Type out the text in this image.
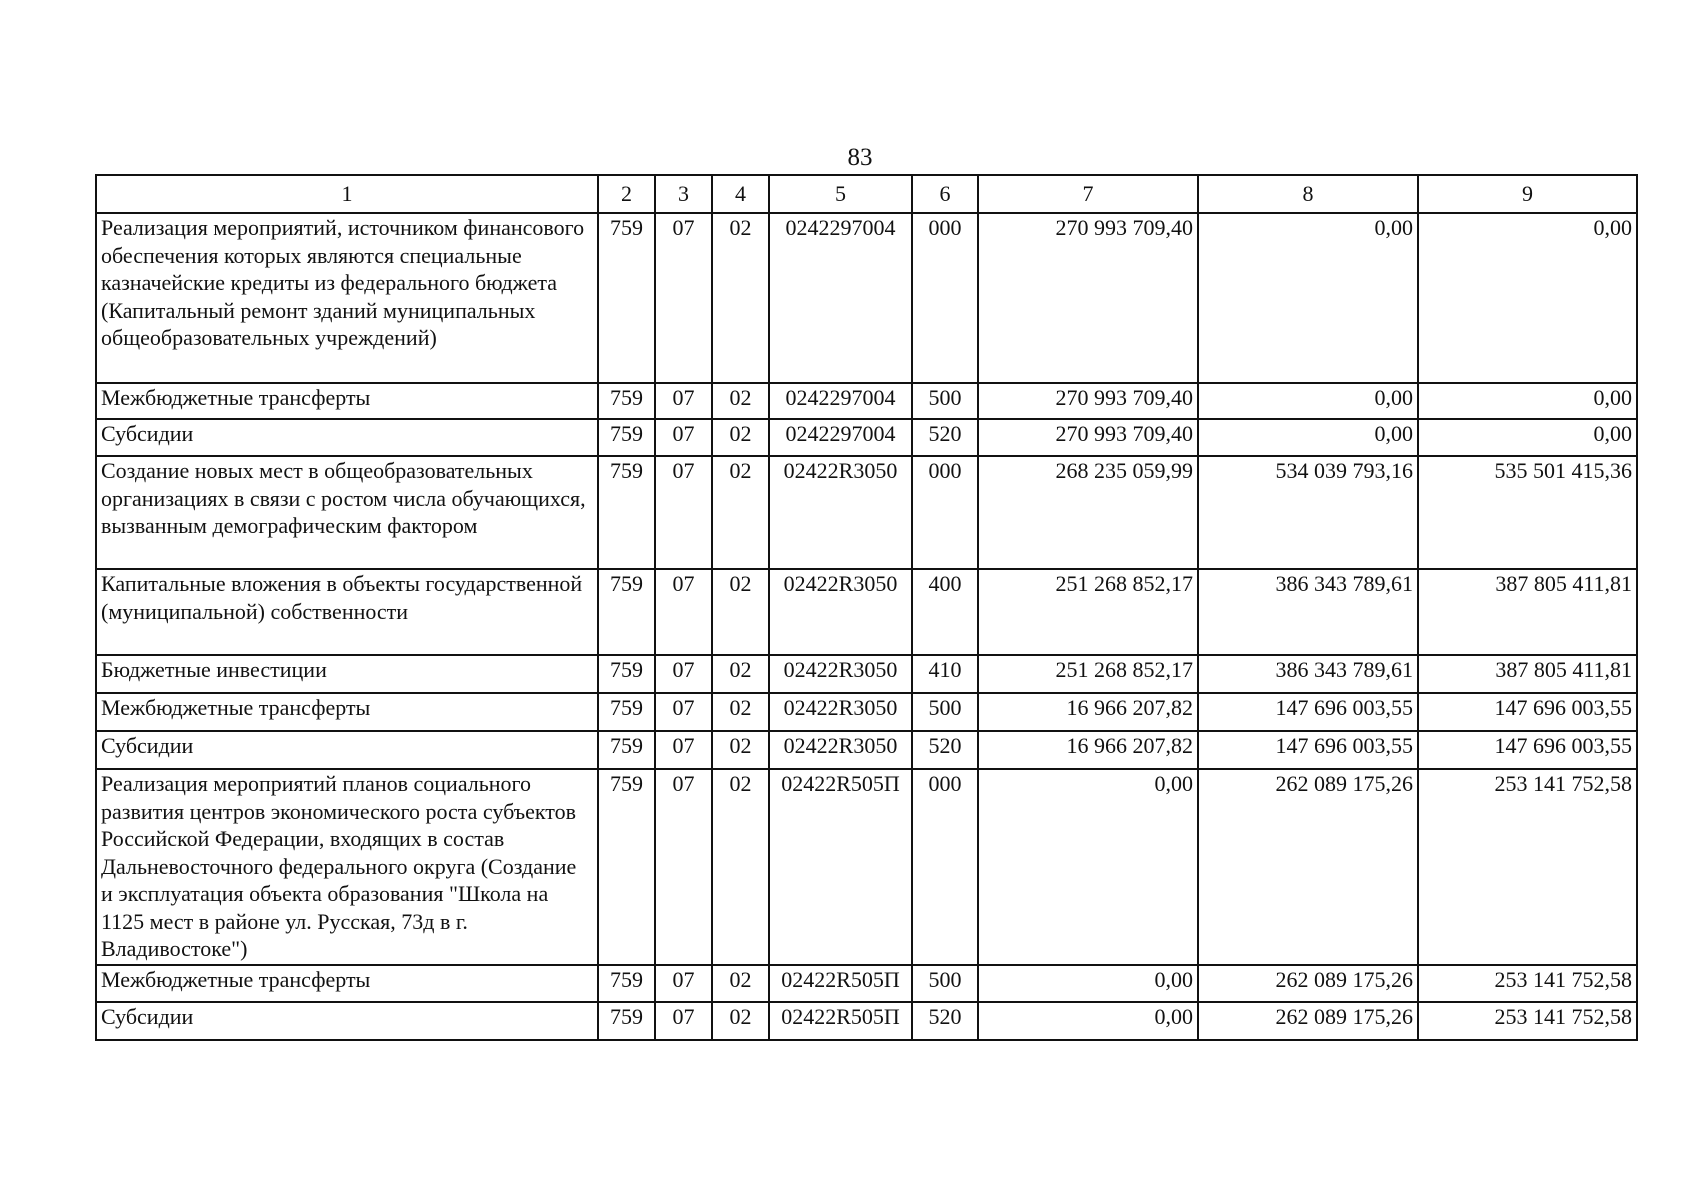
83
1	2	3	4	5	6	7	8	9
Реализация мероприятий, источником финансового обеспечения которых являются специальные казначейские кредиты из федерального бюджета (Капитальный ремонт зданий муниципальных общеобразовательных учреждений)	759	07	02	0242297004	000	270 993 709,40	0,00	0,00
Межбюджетные трансферты	759	07	02	0242297004	500	270 993 709,40	0,00	0,00
Субсидии	759	07	02	0242297004	520	270 993 709,40	0,00	0,00
Создание новых мест в общеобразовательных организациях в связи с ростом числа обучающихся, вызванным демографическим фактором	759	07	02	02422R3050	000	268 235 059,99	534 039 793,16	535 501 415,36
Капитальные вложения в объекты государственной (муниципальной) собственности	759	07	02	02422R3050	400	251 268 852,17	386 343 789,61	387 805 411,81
Бюджетные инвестиции	759	07	02	02422R3050	410	251 268 852,17	386 343 789,61	387 805 411,81
Межбюджетные трансферты	759	07	02	02422R3050	500	16 966 207,82	147 696 003,55	147 696 003,55
Субсидии	759	07	02	02422R3050	520	16 966 207,82	147 696 003,55	147 696 003,55
Реализация мероприятий планов социального развития центров экономического роста субъектов Российской Федерации, входящих в состав Дальневосточного федерального округа (Создание и эксплуатация объекта образования "Школа на 1125 мест в районе ул. Русская, 73д в г. Владивостоке")	759	07	02	02422R505П	000	0,00	262 089 175,26	253 141 752,58
Межбюджетные трансферты	759	07	02	02422R505П	500	0,00	262 089 175,26	253 141 752,58
Субсидии	759	07	02	02422R505П	520	0,00	262 089 175,26	253 141 752,58
